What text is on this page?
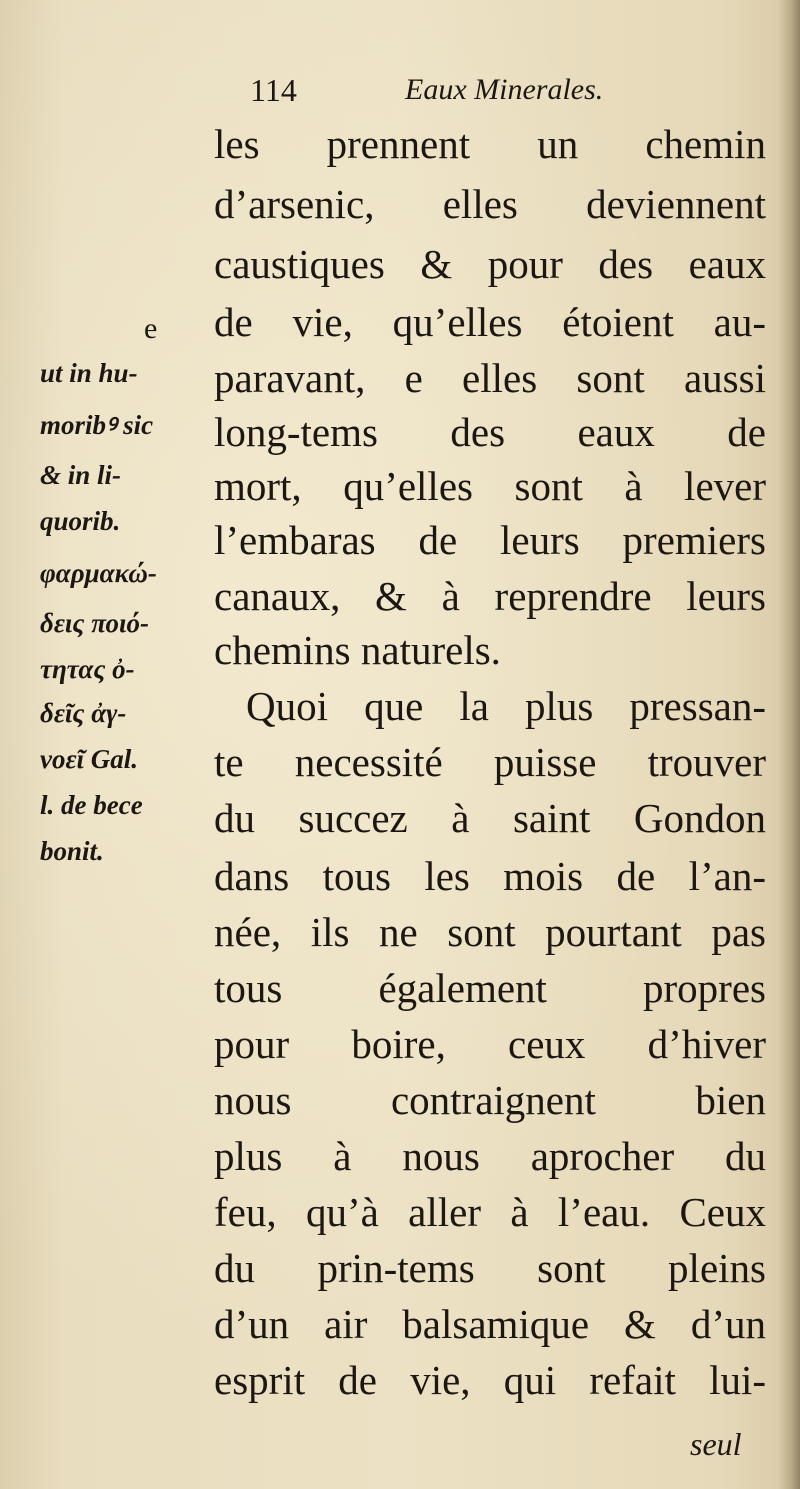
114	Eaux Minerales.
les prennent un chemin
d’arsenic, elles deviennent
caustiques & pour des eaux
de vie, qu’elles étoient au-
paravant, e elles sont aussi
long-tems des eaux de
mort, qu’elles sont à lever
l’embaras de leurs premiers
canaux, & à reprendre leurs
chemins naturels.
Quoi que la plus pressan-
te necessité puisse trouver
du succez à saint Gondon
dans tous les mois de l’an-
née, ils ne sont pourtant pas
tous également propres
pour boire, ceux d’hiver
nous contraignent bien
plus à nous aprocher du
feu, qu’à aller à l’eau. Ceux
du prin-tems sont pleins
d’un air balsamique & d’un
esprit de vie, qui refait lui-
e
ut in hu-
moribꝰ sic
& in li-
quorib.
φαρμακώ-
δεις ποιό-
τητας ὀ-
δεῖς ἀγ-
νοεῖ Gal.
l. de bece
bonit.
seul
